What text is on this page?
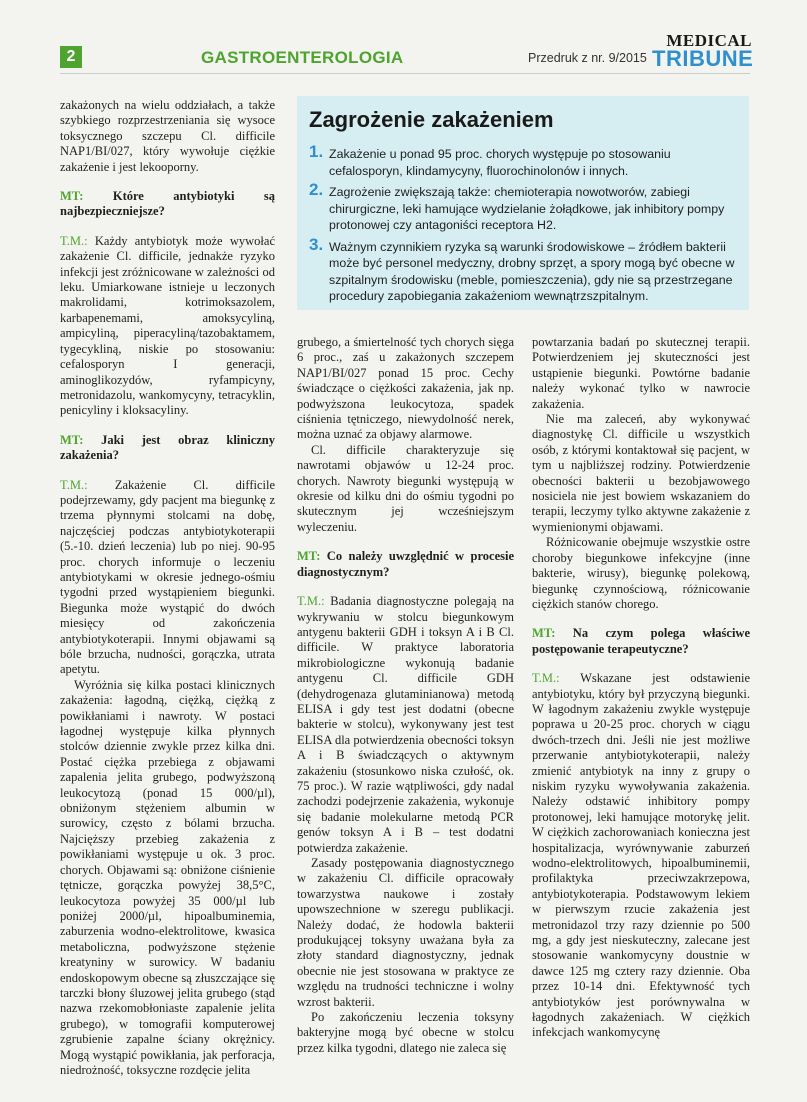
2	GASTROENTEROLOGIA	Przedruk z nr. 9/2015
MEDICAL
TRIBUNE

zakażonych na wielu oddziałach, a także szybkiego rozprzestrzeniania się wysoce toksycznego szczepu Cl. difficile NAP1/BI/027, który wywołuje ciężkie zakażenie i jest lekooporny.

MT: Które antybiotyki są najbezpieczniejsze?

T.M.: Każdy antybiotyk może wywołać zakażenie Cl. difficile, jednakże ryzyko infekcji jest zróżnicowane w zależności od leku. Umiarkowane istnieje u leczonych makrolidami, kotrimoksazolem, karbapenemami, amoksycyliną, ampicyliną, piperacyliną/tazobaktamem, tygecykliną, niskie po stosowaniu: cefalosporyn I generacji, aminoglikozydów, ryfampicyny, metronidazolu, wankomycyny, tetracyklin, penicyliny i kloksacyliny.

MT: Jaki jest obraz kliniczny zakażenia?

T.M.: Zakażenie Cl. difficile podejrzewamy, gdy pacjent ma biegunkę z trzema płynnymi stolcami na dobę, najczęściej podczas antybiotykoterapii (5.-10. dzień leczenia) lub po niej. 90-95 proc. chorych informuje o leczeniu antybiotykami w okresie jednego-ośmiu tygodni przed wystąpieniem biegunki. Biegunka może wystąpić do dwóch miesięcy od zakończenia antybiotykoterapii. Innymi objawami są bóle brzucha, nudności, gorączka, utrata apetytu.

Wyróżnia się kilka postaci klinicznych zakażenia: łagodną, ciężką, ciężką z powikłaniami i nawroty. W postaci łagodnej występuje kilka płynnych stolców dziennie zwykle przez kilka dni. Postać ciężka przebiega z objawami zapalenia jelita grubego, podwyższoną leukocytozą (ponad 15 000/µl), obniżonym stężeniem albumin w surowicy, często z bólami brzucha. Najcięższy przebieg zakażenia z powikłaniami występuje u ok. 3 proc. chorych. Objawami są: obniżone ciśnienie tętnicze, gorączka powyżej 38,5°C, leukocytoza powyżej 35 000/µl lub poniżej 2000/µl, hipoalbuminemia, zaburzenia wodno-elektrolitowe, kwasica metaboliczna, podwyższone stężenie kreatyniny w surowicy. W badaniu endoskopowym obecne są złuszczające się tarczki błony śluzowej jelita grubego (stąd nazwa rzekomobłoniaste zapalenie jelita grubego), w tomografii komputerowej zgrubienie zapalne ściany okrężnicy. Mogą wystąpić powikłania, jak perforacja, niedrożność, toksyczne rozdęcie jelita

Zagrożenie zakażeniem
1. Zakażenie u ponad 95 proc. chorych występuje po stosowaniu cefalosporyn, klindamycyny, fluorochinolonów i innych.
2. Zagrożenie zwiększają także: chemioterapia nowotworów, zabiegi chirurgiczne, leki hamujące wydzielanie żołądkowe, jak inhibitory pompy protonowej czy antagoniści receptora H2.
3. Ważnym czynnikiem ryzyka są warunki środowiskowe – źródłem bakterii może być personel medyczny, drobny sprzęt, a spory mogą być obecne w szpitalnym środowisku (meble, pomieszczenia), gdy nie są przestrzegane procedury zapobiegania zakażeniom wewnątrzszpitalnym.

grubego, a śmiertelność tych chorych sięga 6 proc., zaś u zakażonych szczepem NAP1/BI/027 ponad 15 proc. Cechy świadczące o ciężkości zakażenia, jak np. podwyższona leukocytoza, spadek ciśnienia tętniczego, niewydolność nerek, można uznać za objawy alarmowe.

Cl. difficile charakteryzuje się nawrotami objawów u 12-24 proc. chorych. Nawroty biegunki występują w okresie od kilku dni do ośmiu tygodni po skutecznym jej wcześniejszym wyleczeniu.

MT: Co należy uwzględnić w procesie diagnostycznym?

T.M.: Badania diagnostyczne polegają na wykrywaniu w stolcu biegunkowym antygenu bakterii GDH i toksyn A i B Cl. difficile. W praktyce laboratoria mikrobiologiczne wykonują badanie antygenu Cl. difficile GDH (dehydrogenaza glutaminianowa) metodą ELISA i gdy test jest dodatni (obecne bakterie w stolcu), wykonywany jest test ELISA dla potwierdzenia obecności toksyn A i B świadczących o aktywnym zakażeniu (stosunkowo niska czułość, ok. 75 proc.). W razie wątpliwości, gdy nadal zachodzi podejrzenie zakażenia, wykonuje się badanie molekularne metodą PCR genów toksyn A i B – test dodatni potwierdza zakażenie.

Zasady postępowania diagnostycznego w zakażeniu Cl. difficile opracowały towarzystwa naukowe i zostały upowszechnione w szeregu publikacji. Należy dodać, że hodowla bakterii produkującej toksyny uważana była za złoty standard diagnostyczny, jednak obecnie nie jest stosowana w praktyce ze względu na trudności techniczne i wolny wzrost bakterii.

Po zakończeniu leczenia toksyny bakteryjne mogą być obecne w stolcu przez kilka tygodni, dlatego nie zaleca się

powtarzania badań po skutecznej terapii. Potwierdzeniem jej skuteczności jest ustąpienie biegunki. Powtórne badanie należy wykonać tylko w nawrocie zakażenia.

Nie ma zaleceń, aby wykonywać diagnostykę Cl. difficile u wszystkich osób, z którymi kontaktował się pacjent, w tym u najbliższej rodziny. Potwierdzenie obecności bakterii u bezobjawowego nosiciela nie jest bowiem wskazaniem do terapii, leczymy tylko aktywne zakażenie z wymienionymi objawami.

Różnicowanie obejmuje wszystkie ostre choroby biegunkowe infekcyjne (inne bakterie, wirusy), biegunkę polekową, biegunkę czynnościową, różnicowanie ciężkich stanów chorego.

MT: Na czym polega właściwe postępowanie terapeutyczne?

T.M.: Wskazane jest odstawienie antybiotyku, który był przyczyną biegunki. W łagodnym zakażeniu zwykle występuje poprawa u 20-25 proc. chorych w ciągu dwóch-trzech dni. Jeśli nie jest możliwe przerwanie antybiotykoterapii, należy zmienić antybiotyk na inny z grupy o niskim ryzyku wywoływania zakażenia. Należy odstawić inhibitory pompy protonowej, leki hamujące motorykę jelit. W ciężkich zachorowaniach konieczna jest hospitalizacja, wyrównywanie zaburzeń wodno-elektrolitowych, hipoalbuminemii, profilaktyka przeciwzakrzepowa, antybiotykoterapia. Podstawowym lekiem w pierwszym rzucie zakażenia jest metronidazol trzy razy dziennie po 500 mg, a gdy jest nieskuteczny, zalecane jest stosowanie wankomycyny doustnie w dawce 125 mg cztery razy dziennie. Oba przez 10-14 dni. Efektywność tych antybiotyków jest porównywalna w łagodnych zakażeniach. W ciężkich infekcjach wankomycynę
